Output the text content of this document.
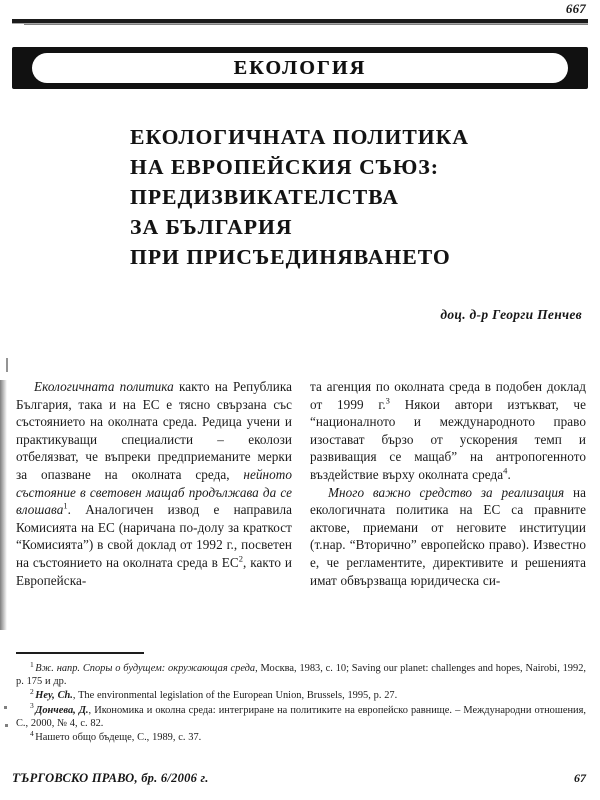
667
ЕКОЛОГИЯ
ЕКОЛОГИЧНАТА ПОЛИТИКА
НА ЕВРОПЕЙСКИЯ СЪЮЗ:
ПРЕДИЗВИКАТЕЛСТВА
ЗА БЪЛГАРИЯ
ПРИ ПРИСЪЕДИНЯВАНЕТО
доц. д-р Георги Пенчев

Екологичната политика както на Република България, така и на ЕС е тясно свързана със състоянието на околната среда. Редица учени и практикуващи специалисти – еколози отбелязват, че въпреки предприеманите мерки за опазване на околната среда, нейното състояние в световен мащаб продължава да се влошава$^1$. Аналогичен извод е направила Комисията на ЕС (наричана по-долу за краткост “Комисията”) в свой доклад от 1992 г., посветен на състоянието на околната среда в $ЕС^2$, както и Европейска-

та агенция по околната среда в подобен доклад от 1999 г.$^3$ Някои автори изтъкват, че “националното и международното право изостават бързо от ускорения темп и развиващия се мащаб” на антропогенното въздействие върху околната среда$^4$.

Много важно средство за реализация на екологичната политика на ЕС са правните актове, приемани от неговите институции (т.нар. “Вторично” европейско право). Известно е, че регламентите, директивите и решенията имат обвързваща юридическа си-

$^1$ Вж. напр. Споры о будущем: окружающая среда, Москва, 1983, с. 10; Saving our planet: challenges and hopes, Nairobi, 1992, p. 175 и др.

$^2$ Hey, Ch., The environmental legislation of the European Union, Brussels, 1995, p. 27.

$^3$ Дончева, Д., Икономика и околна среда: интегриране на политиките на европейско равнище. – Международни отношения, С., 2000, № 4, с. 82.

$^4$ Нашето общо бъдеще, С., 1989, с. 37.

ТЪРГОВСКО ПРАВО, бр. 6/2006 г.	67
